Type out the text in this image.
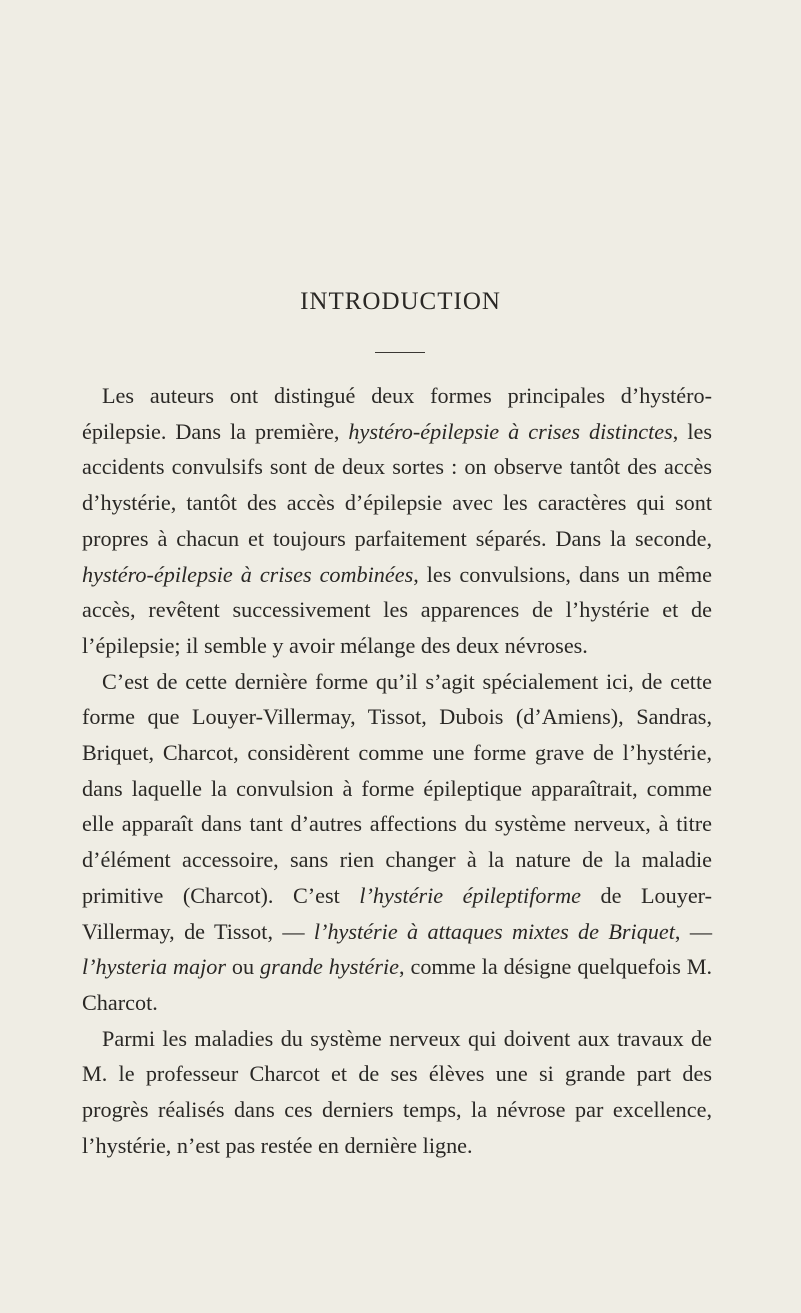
INTRODUCTION

Les auteurs ont distingué deux formes principales d’hystéro-épilepsie. Dans la première, hystéro-épilepsie à crises distinctes, les accidents convulsifs sont de deux sortes : on observe tantôt des accès d’hystérie, tantôt des accès d’épilepsie avec les caractères qui sont propres à chacun et toujours parfaitement séparés. Dans la seconde, hystéro-épilepsie à crises combinées, les convulsions, dans un même accès, revêtent successivement les apparences de l’hystérie et de l’épilepsie; il semble y avoir mélange des deux névroses.

C’est de cette dernière forme qu’il s’agit spécialement ici, de cette forme que Louyer-Villermay, Tissot, Dubois (d’Amiens), Sandras, Briquet, Charcot, considèrent comme une forme grave de l’hystérie, dans laquelle la convulsion à forme épileptique apparaîtrait, comme elle apparaît dans tant d’autres affections du système nerveux, à titre d’élément accessoire, sans rien changer à la nature de la maladie primitive (Charcot). C’est l’hystérie épileptiforme de Louyer-Villermay, de Tissot, — l’hystérie à attaques mixtes de Briquet, — l’hysteria major ou grande hystérie, comme la désigne quelquefois M. Charcot.

Parmi les maladies du système nerveux qui doivent aux travaux de M. le professeur Charcot et de ses élèves une si grande part des progrès réalisés dans ces derniers temps, la névrose par excellence, l’hystérie, n’est pas restée en dernière ligne.
